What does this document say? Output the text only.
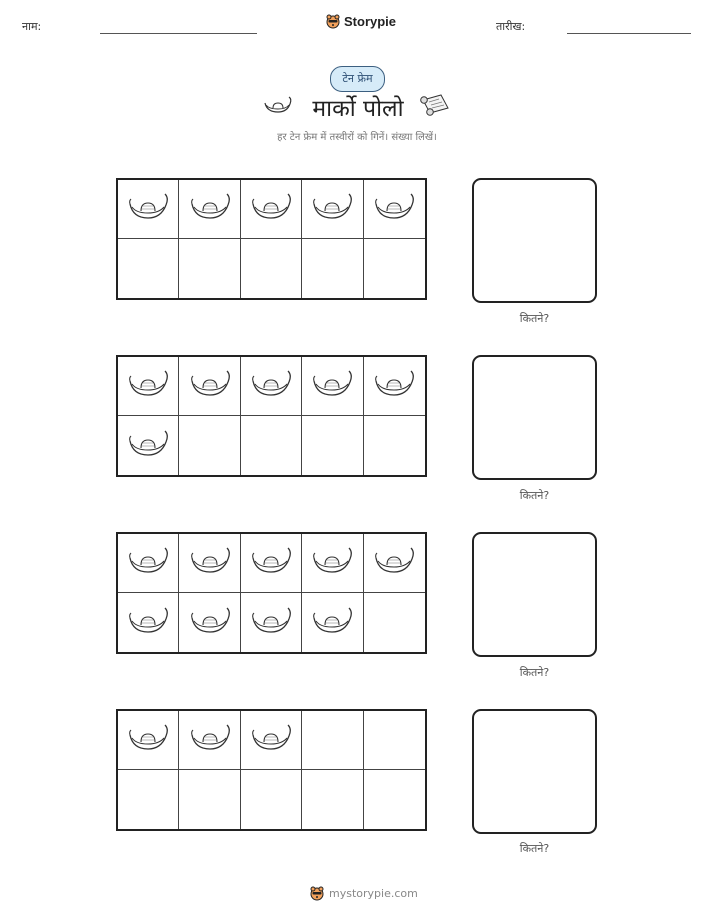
नाम:	Storypie	तारीख:
टेन फ्रेम
मार्को पोलो
हर टेन फ्रेम में तस्वीरों को गिनें। संख्या लिखें।
कितने?
कितने?
कितने?
कितने?
mystorypie.com
